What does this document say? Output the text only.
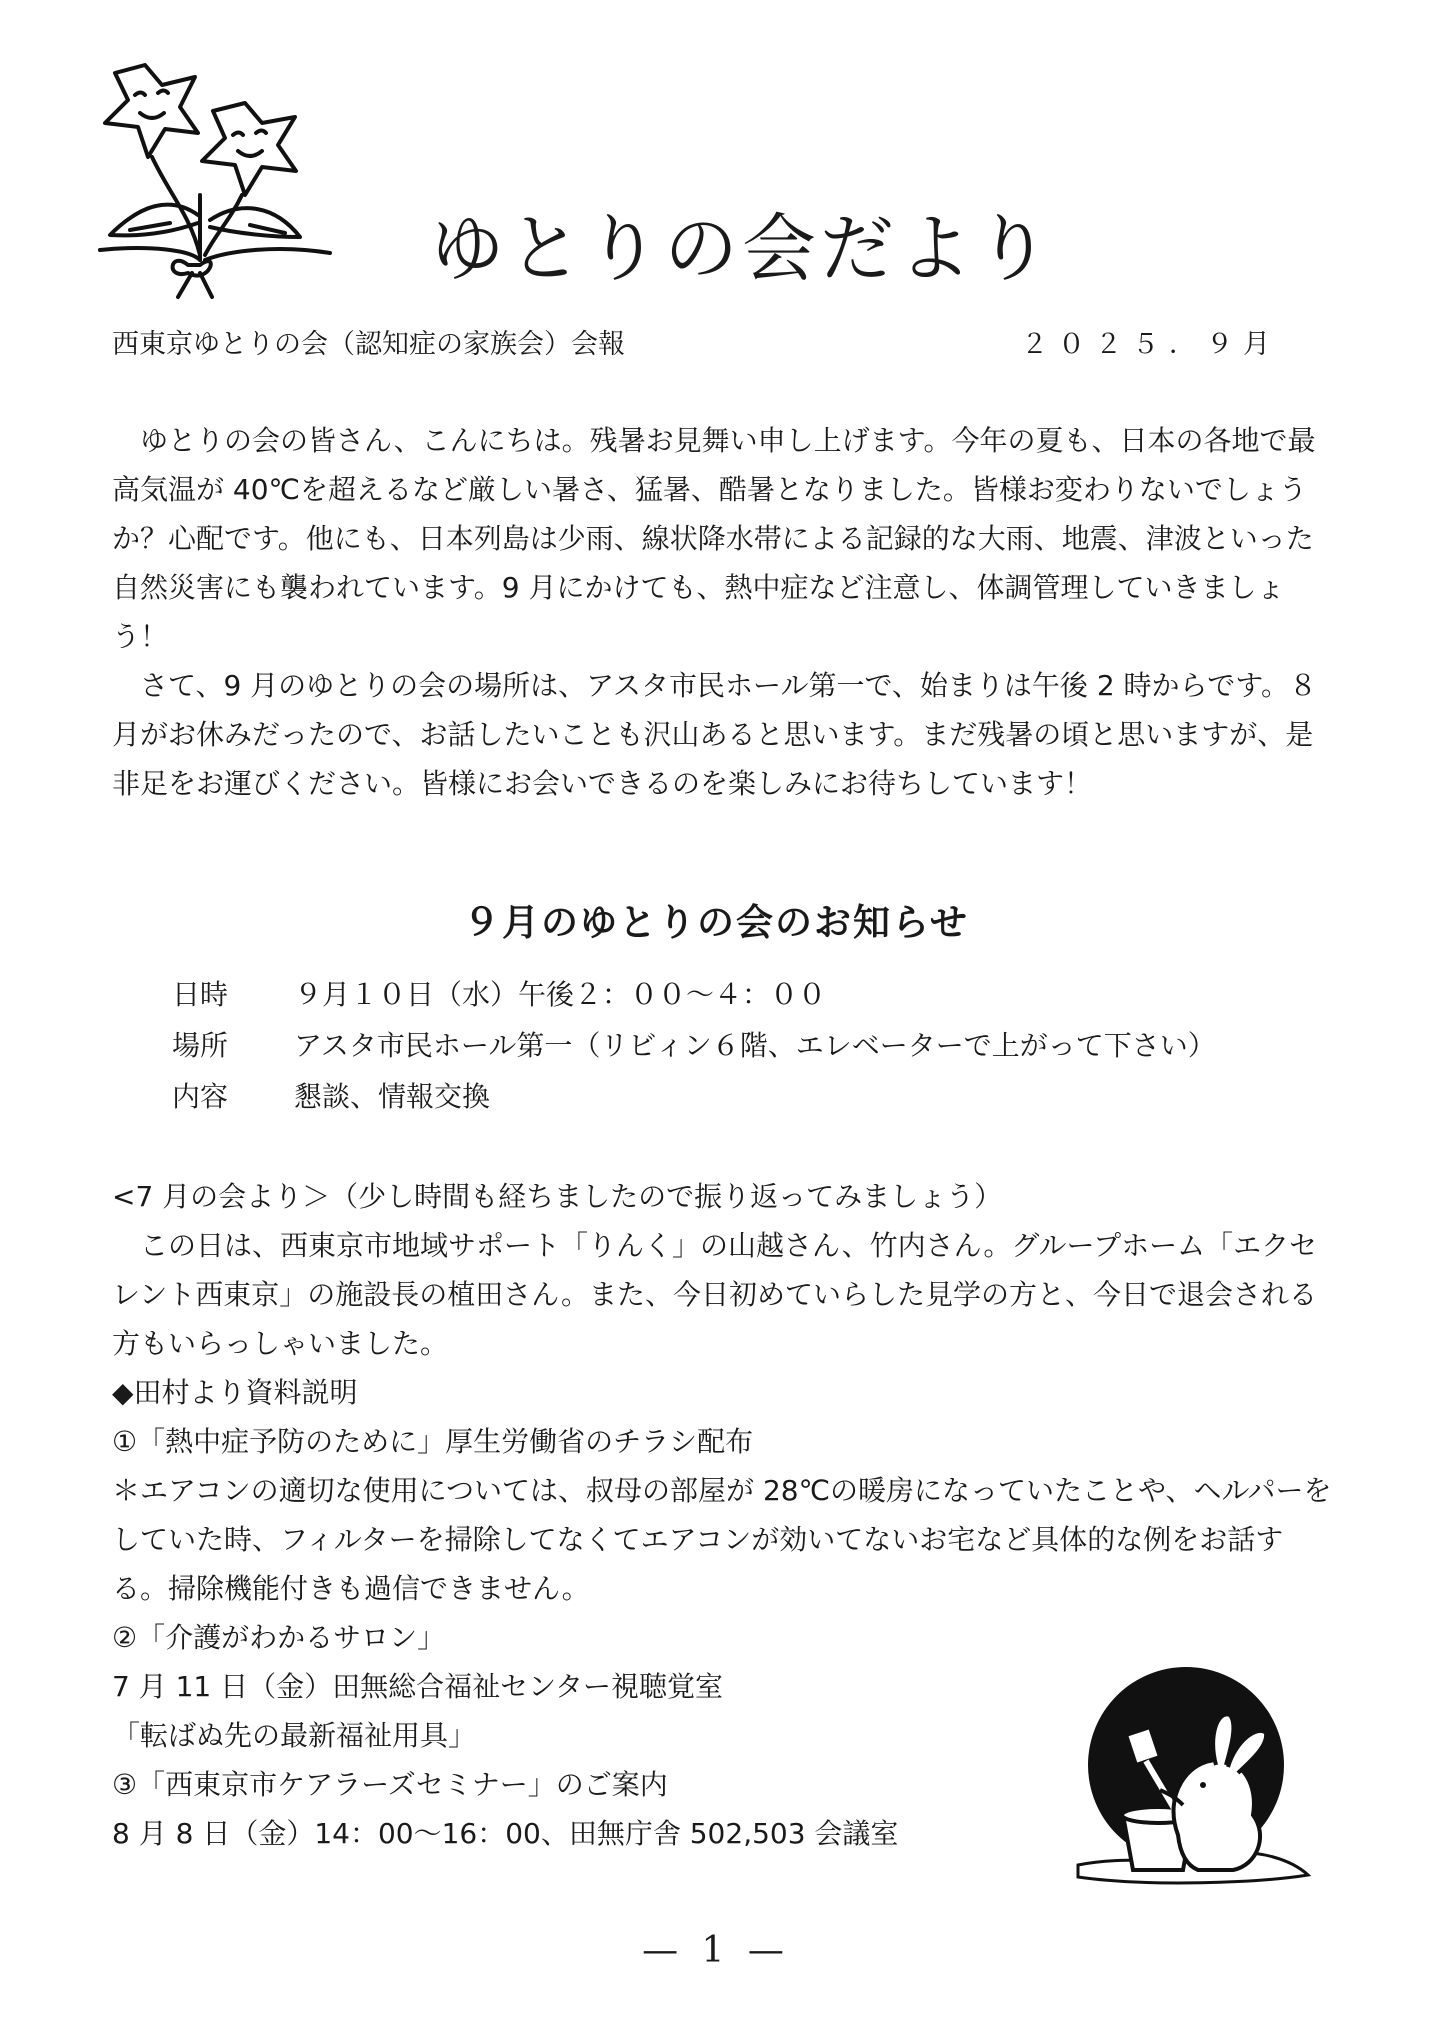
ゆとりの会だより
西東京ゆとりの会（認知症の家族会）会報	２０２５．９月

ゆとりの会の皆さん、こんにちは。残暑お見舞い申し上げます。今年の夏も、日本の各地で最高気温が 40℃を超えるなど厳しい暑さ、猛暑、酷暑となりました。皆様お変わりないでしょうか？心配です。他にも、日本列島は少雨、線状降水帯による記録的な大雨、地震、津波といった自然災害にも襲われています。9 月にかけても、熱中症など注意し、体調管理していきましょう！

さて、9 月のゆとりの会の場所は、アスタ市民ホール第一で、始まりは午後 2 時からです。８月がお休みだったので、お話したいことも沢山あると思います。まだ残暑の頃と思いますが、是非足をお運びください。皆様にお会いできるのを楽しみにお待ちしています！

９月のゆとりの会のお知らせ
日時 ９月１０日（水）午後２：００～４：００
場所 アスタ市民ホール第一（リビィン６階、エレベーターで上がって下さい）
内容 懇談、情報交換

<7 月の会より＞（少し時間も経ちましたので振り返ってみましょう）

この日は、西東京市地域サポート「りんく」の山越さん、竹内さん。グループホーム「エクセレント西東京」の施設長の植田さん。また、今日初めていらした見学の方と、今日で退会される方もいらっしゃいました。

◆田村より資料説明

①「熱中症予防のために」厚生労働省のチラシ配布

＊エアコンの適切な使用については、叔母の部屋が 28℃の暖房になっていたことや、ヘルパーをしていた時、フィルターを掃除してなくてエアコンが効いてないお宅など具体的な例をお話する。掃除機能付きも過信できません。

②「介護がわかるサロン」

7 月 11 日（金）田無総合福祉センター視聴覚室

「転ばぬ先の最新福祉用具」

③「西東京市ケアラーズセミナー」のご案内

8 月 8 日（金）14：00～16：00、田無庁舎 502,503 会議室

— 1 —
